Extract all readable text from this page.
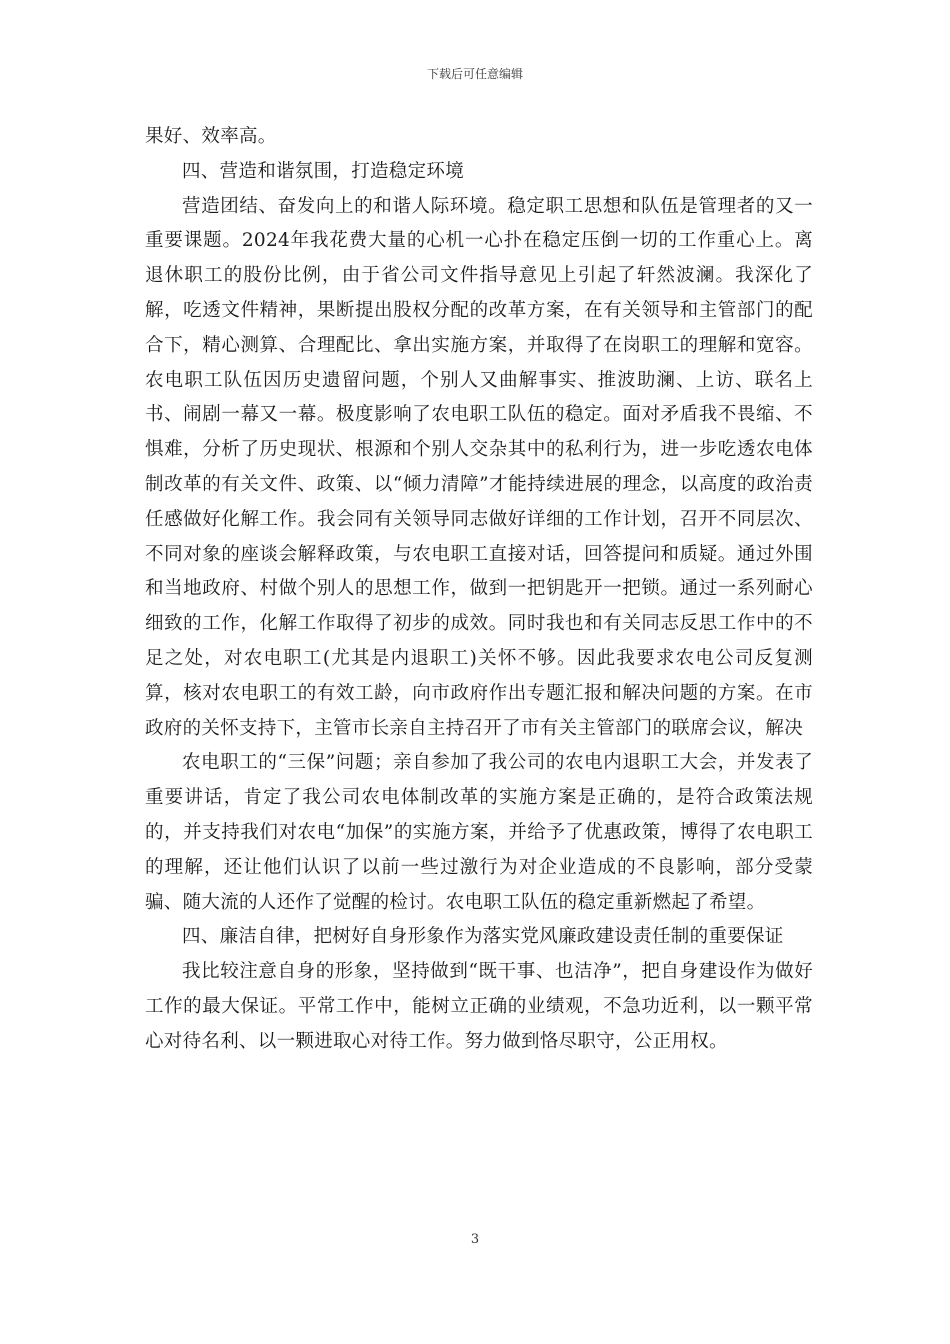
下载后可任意编辑

果好、效率高。

四、营造和谐氛围，打造稳定环境

营造团结、奋发向上的和谐人际环境。稳定职工思想和队伍是管理者的又一重要课题。2024年我花费大量的心机一心扑在稳定压倒一切的工作重心上。离退休职工的股份比例，由于省公司文件指导意见上引起了轩然波澜。我深化了解，吃透文件精神，果断提出股权分配的改革方案，在有关领导和主管部门的配合下，精心测算、合理配比、拿出实施方案，并取得了在岗职工的理解和宽容。农电职工队伍因历史遗留问题，个别人又曲解事实、推波助澜、上访、联名上书、闹剧一幕又一幕。极度影响了农电职工队伍的稳定。面对矛盾我不畏缩、不惧难，分析了历史现状、根源和个别人交杂其中的私利行为，进一步吃透农电体制改革的有关文件、政策、以“倾力清障”才能持续进展的理念，以高度的政治责任感做好化解工作。我会同有关领导同志做好详细的工作计划，召开不同层次、不同对象的座谈会解释政策，与农电职工直接对话，回答提问和质疑。通过外围和当地政府、村做个别人的思想工作，做到一把钥匙开一把锁。通过一系列耐心细致的工作，化解工作取得了初步的成效。同时我也和有关同志反思工作中的不足之处，对农电职工(尤其是内退职工)关怀不够。因此我要求农电公司反复测算，核对农电职工的有效工龄，向市政府作出专题汇报和解决问题的方案。在市政府的关怀支持下，主管市长亲自主持召开了市有关主管部门的联席会议，解决

农电职工的“三保”问题；亲自参加了我公司的农电内退职工大会，并发表了重要讲话，肯定了我公司农电体制改革的实施方案是正确的，是符合政策法规的，并支持我们对农电“加保”的实施方案，并给予了优惠政策，博得了农电职工的理解，还让他们认识了以前一些过激行为对企业造成的不良影响，部分受蒙骗、随大流的人还作了觉醒的检讨。农电职工队伍的稳定重新燃起了希望。

四、廉洁自律，把树好自身形象作为落实党风廉政建设责任制的重要保证

我比较注意自身的形象，坚持做到“既干事、也洁净”，把自身建设作为做好工作的最大保证。平常工作中，能树立正确的业绩观，不急功近利，以一颗平常心对待名利、以一颗进取心对待工作。努力做到恪尽职守，公正用权。

3
